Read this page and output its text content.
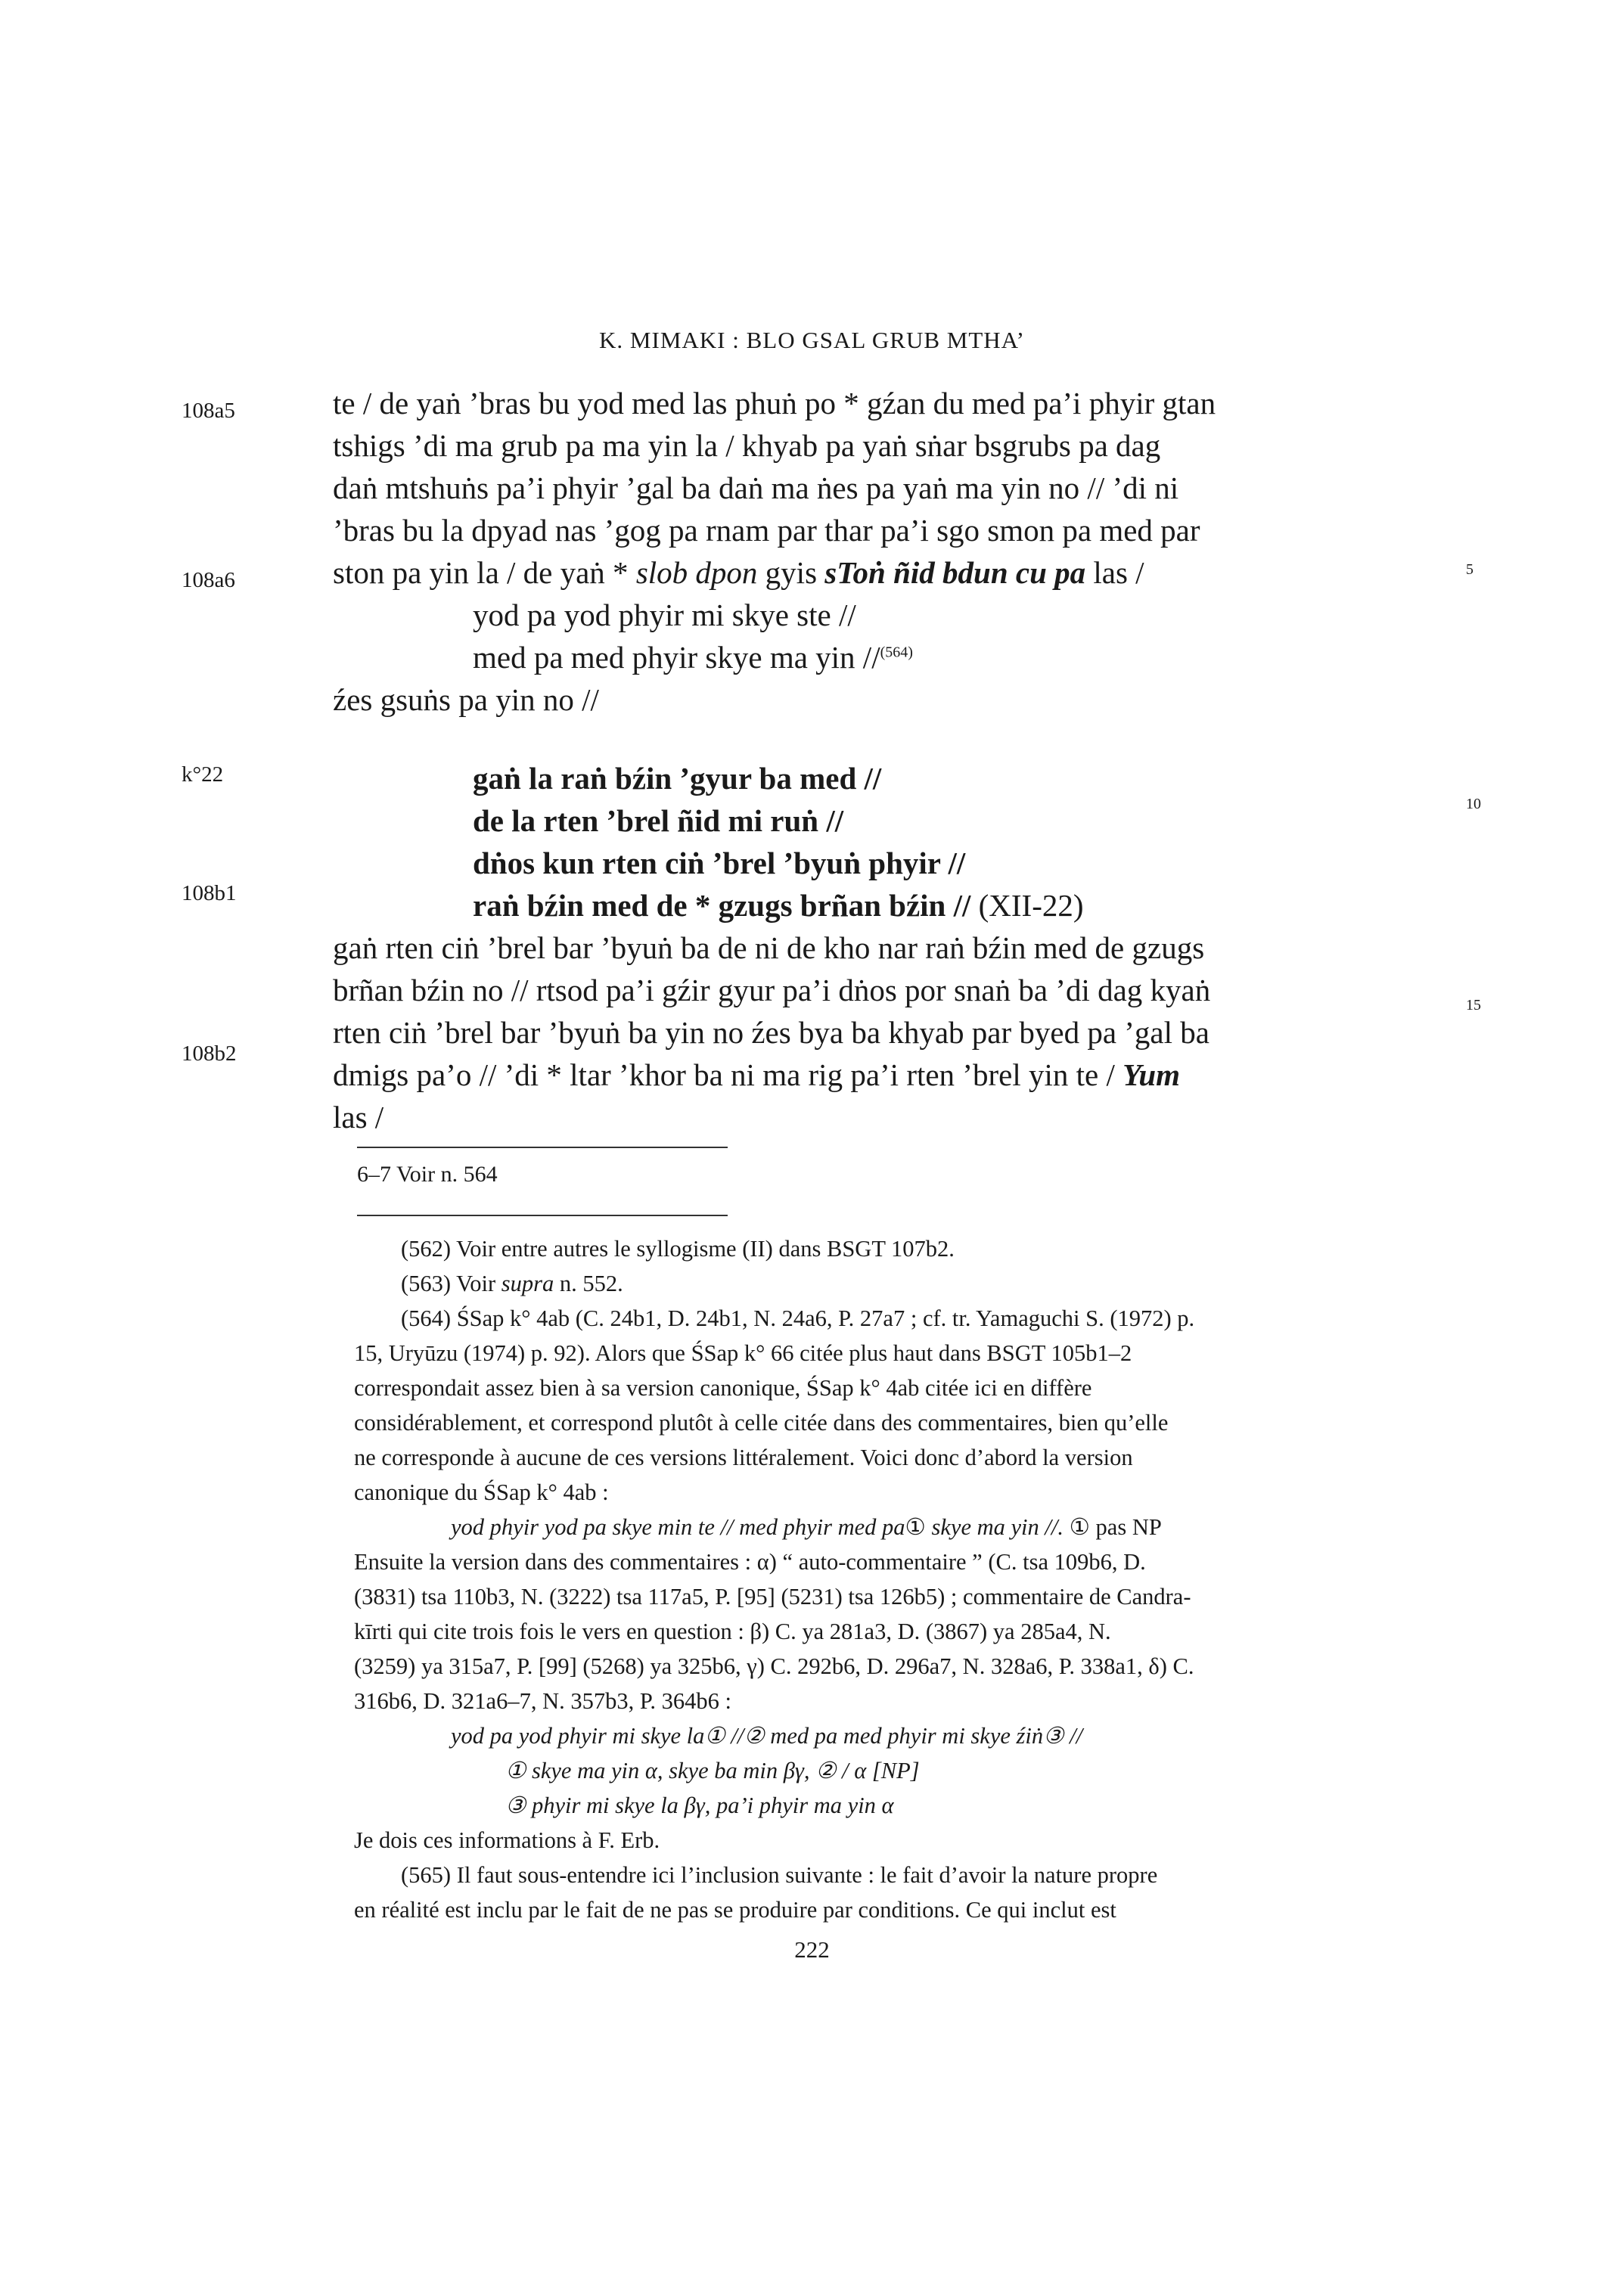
K. MIMAKI : BLO GSAL GRUB MTHA’
108a5
108a6
k°22
108b1
108b2
5
10
15
te / de yaṅ ’bras bu yod med las phuṅ po * gźan du med pa’i phyir gtan
tshigs ’di ma grub pa ma yin la / khyab pa yaṅ sṅar bsgrubs pa dag
daṅ mtshuṅs pa’i phyir ’gal ba daṅ ma ṅes pa yaṅ ma yin no // ’di ni
’bras bu la dpyad nas ’gog pa rnam par thar pa’i sgo smon pa med par
ston pa yin la / de yaṅ * slob dpon gyis sToṅ ñid bdun cu pa las /
yod pa yod phyir mi skye ste //
med pa med phyir skye ma yin //$^{(564)}$
źes gsuṅs pa yin no //
gaṅ la raṅ bźin ’gyur ba med //
de la rten ’brel ñid mi ruṅ //
dṅos kun rten ciṅ ’brel ’byuṅ phyir //
raṅ bźin med de * gzugs brñan bźin // (XII-22)
gaṅ rten ciṅ ’brel bar ’byuṅ ba de ni de kho nar raṅ bźin med de gzugs
brñan bźin no // rtsod pa’i gźir gyur pa’i dṅos por snaṅ ba ’di dag kyaṅ
rten ciṅ ’brel bar ’byuṅ ba yin no źes bya ba khyab par byed pa ’gal ba
dmigs pa’o // ’di * ltar ’khor ba ni ma rig pa’i rten ’brel yin te / Yum
las /
6–7 Voir n. 564
(562) Voir entre autres le syllogisme (II) dans BSGT 107b2.
(563) Voir supra n. 552.
(564) ŚSap k° 4ab (C. 24b1, D. 24b1, N. 24a6, P. 27a7 ; cf. tr. Yamaguchi S. (1972) p.
15, Uryūzu (1974) p. 92). Alors que ŚSap k° 66 citée plus haut dans BSGT 105b1–2
correspondait assez bien à sa version canonique, ŚSap k° 4ab citée ici en diffère
considérablement, et correspond plutôt à celle citée dans des commentaires, bien qu’elle
ne corresponde à aucune de ces versions littéralement. Voici donc d’abord la version
canonique du ŚSap k° 4ab :
yod phyir yod pa skye min te // med phyir med pa① skye ma yin //. ① pas NP
Ensuite la version dans des commentaires : α) “ auto-commentaire ” (C. tsa 109b6, D.
(3831) tsa 110b3, N. (3222) tsa 117a5, P. [95] (5231) tsa 126b5) ; commentaire de Candra-
kīrti qui cite trois fois le vers en question : β) C. ya 281a3, D. (3867) ya 285a4, N.
(3259) ya 315a7, P. [99] (5268) ya 325b6, γ) C. 292b6, D. 296a7, N. 328a6, P. 338a1, δ) C.
316b6, D. 321a6–7, N. 357b3, P. 364b6 :
yod pa yod phyir mi skye la① //② med pa med phyir mi skye źiṅ③ //
① skye ma yin α, skye ba min βγ, ② / α [NP]
③ phyir mi skye la βγ, pa’i phyir ma yin α
Je dois ces informations à F. Erb.
(565) Il faut sous-entendre ici l’inclusion suivante : le fait d’avoir la nature propre
en réalité est inclu par le fait de ne pas se produire par conditions. Ce qui inclut est
222
